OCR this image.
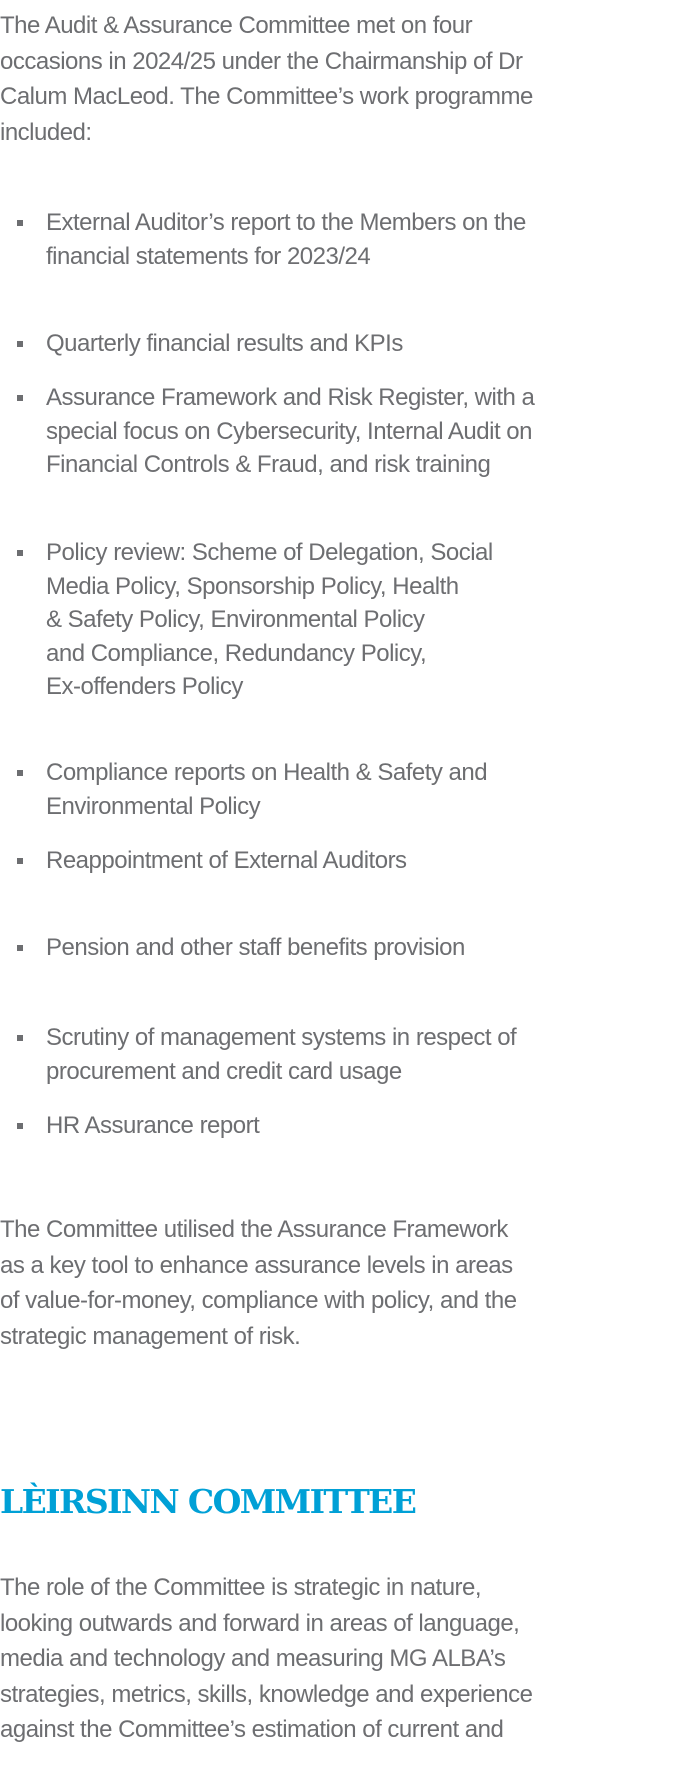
The Audit & Assurance Committee met on four
occasions in 2024/25 under the Chairmanship of Dr
Calum MacLeod. The Committee’s work programme
included:

External Auditor’s report to the Members on the
financial statements for 2023/24

Quarterly financial results and KPIs

Assurance Framework and Risk Register, with a
special focus on Cybersecurity, Internal Audit on
Financial Controls & Fraud, and risk training

Policy review: Scheme of Delegation, Social
Media Policy, Sponsorship Policy, Health
& Safety Policy, Environmental Policy
and Compliance, Redundancy Policy,
Ex-offenders Policy

Compliance reports on Health & Safety and
Environmental Policy

Reappointment of External Auditors

Pension and other staff benefits provision

Scrutiny of management systems in respect of
procurement and credit card usage

HR Assurance report

The Committee utilised the Assurance Framework
as a key tool to enhance assurance levels in areas
of value-for-money, compliance with policy, and the
strategic management of risk.

LÈIRSINN COMMITTEE

The role of the Committee is strategic in nature,
looking outwards and forward in areas of language,
media and technology and measuring MG ALBA’s
strategies, metrics, skills, knowledge and experience
against the Committee’s estimation of current and
